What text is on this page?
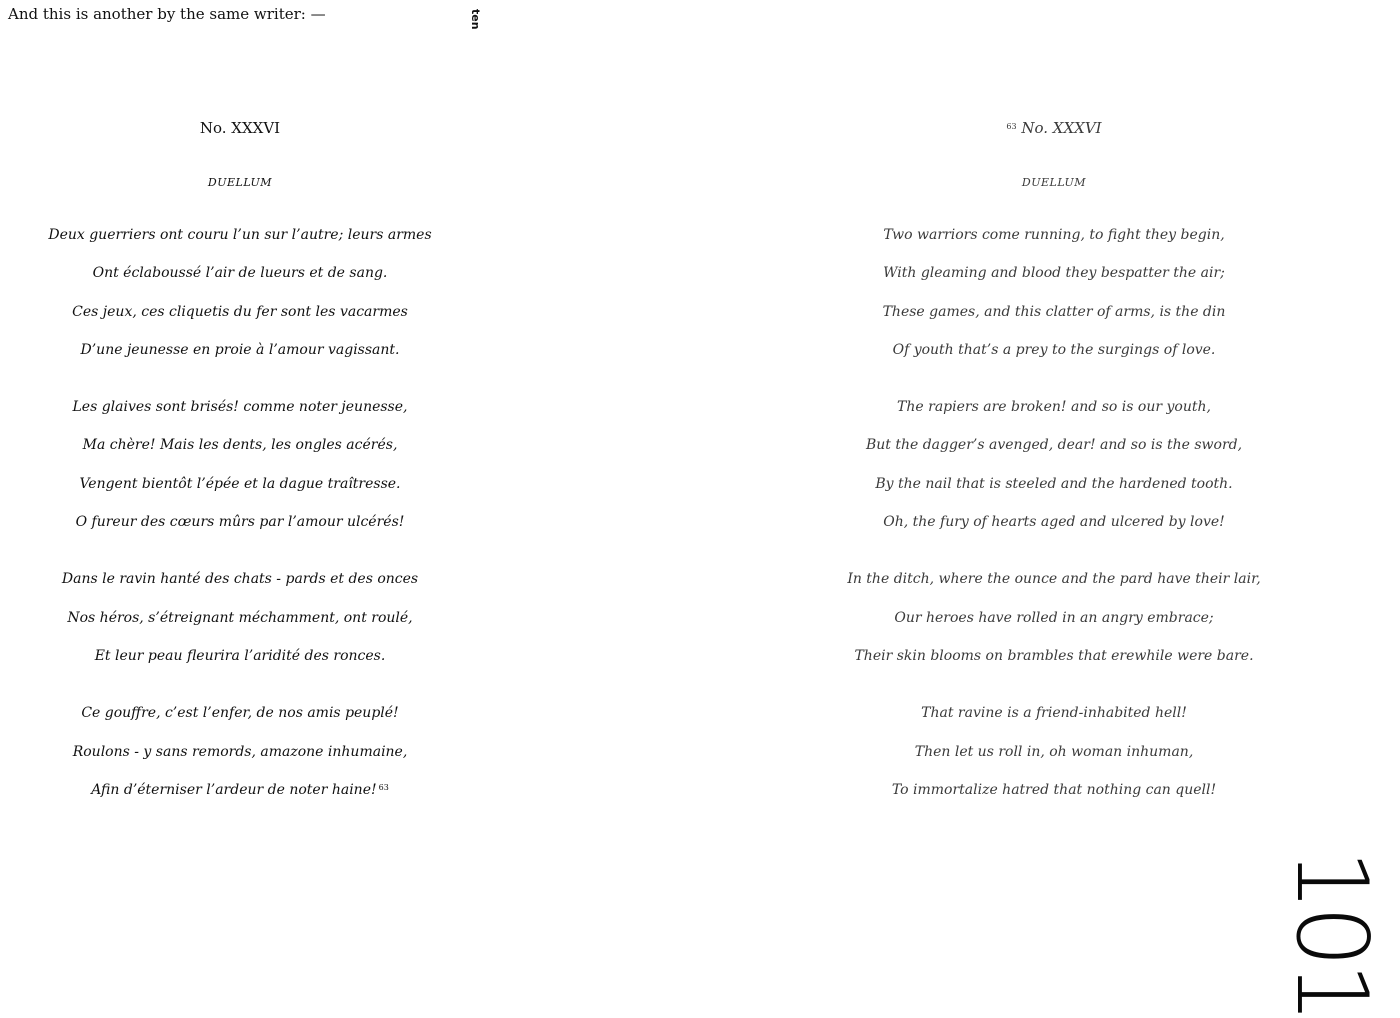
And this is another by the same writer: —	ten
No. XXXVI
DUELLUM
Deux guerriers ont couru l’un sur l’autre; leurs armes
Ont éclaboussé l’air de lueurs et de sang.
Ces jeux, ces cliquetis du fer sont les vacarmes
D’une jeunesse en proie à l’amour vagissant.
Les glaives sont brisés! comme noter jeunesse,
Ma chère! Mais les dents, les ongles acérés,
Vengent bientôt l’épée et la dague traîtresse.
O fureur des cœurs mûrs par l’amour ulcérés!
Dans le ravin hanté des chats - pards et des onces
Nos héros, s’étreignant méchamment, ont roulé,
Et leur peau fleurira l’aridité des ronces.
Ce gouffre, c’est l’enfer, de nos amis peuplé!
Roulons - y sans remords, amazone inhumaine,
Afin d’éterniser l’ardeur de noter haine! $^{63}$
$^{63}$ No. XXXVI
DUELLUM
Two warriors come running, to fight they begin,
With gleaming and blood they bespatter the air;
These games, and this clatter of arms, is the din
Of youth that’s a prey to the surgings of love.
The rapiers are broken! and so is our youth,
But the dagger’s avenged, dear! and so is the sword,
By the nail that is steeled and the hardened tooth.
Oh, the fury of hearts aged and ulcered by love!
In the ditch, where the ounce and the pard have their lair,
Our heroes have rolled in an angry embrace;
Their skin blooms on brambles that erewhile were bare.
That ravine is a friend-inhabited hell!
Then let us roll in, oh woman inhuman,
To immortalize hatred that nothing can quell!
101
